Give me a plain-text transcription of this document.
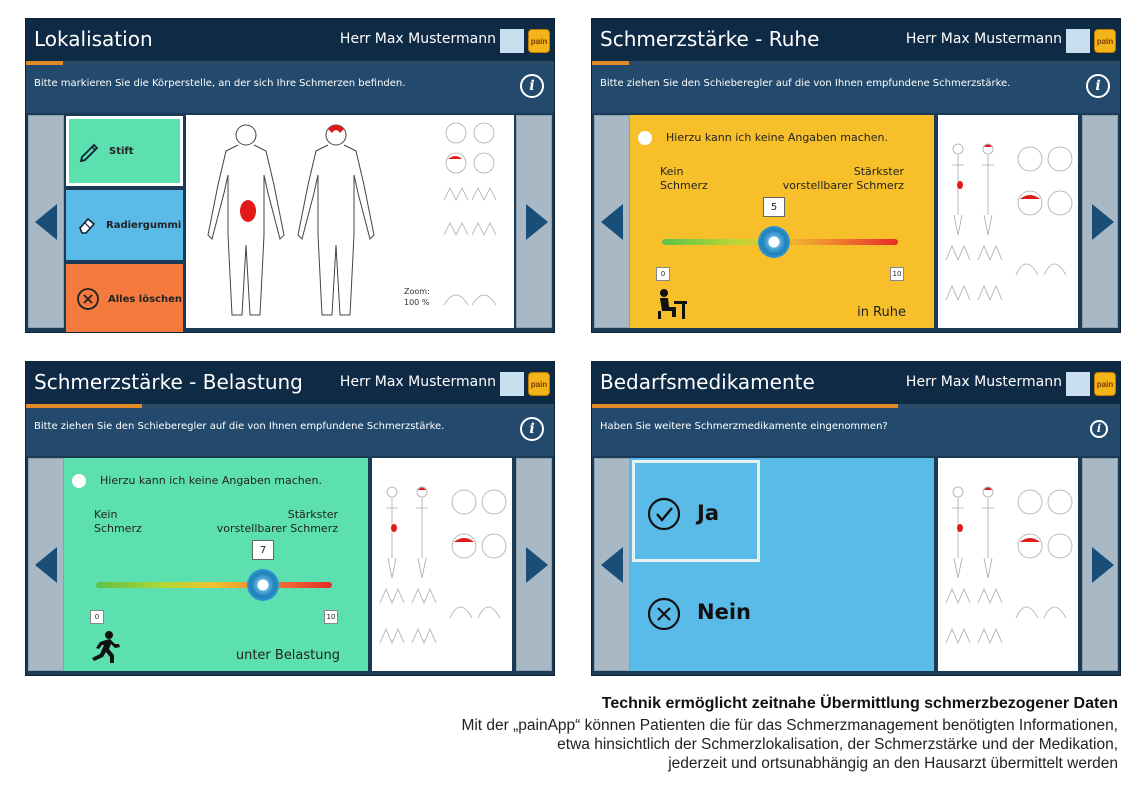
Lokalisation	Herr Max Mustermann	pain
Bitte markieren Sie die Körperstelle, an der sich Ihre Schmerzen befinden.	i
Stift
Radiergummi
Alles löschen
Zoom:
100 %
Schmerzstärke - Ruhe	Herr Max Mustermann	pain
Bitte ziehen Sie den Schieberegler auf die von Ihnen empfundene Schmerzstärke.	i
Hierzu kann ich keine Angaben machen.
Kein
Schmerz
Stärkster
vorstellbarer Schmerz
5
0	10
in Ruhe
Schmerzstärke - Belastung	Herr Max Mustermann	pain
Bitte ziehen Sie den Schieberegler auf die von Ihnen empfundene Schmerzstärke.	i
Hierzu kann ich keine Angaben machen.
Kein
Schmerz
Stärkster
vorstellbarer Schmerz
7
0	10
unter Belastung
Bedarfsmedikamente	Herr Max Mustermann	pain
Haben Sie weitere Schmerzmedikamente eingenommen?	i
Ja
Nein
Technik ermöglicht zeitnahe Übermittlung schmerzbezogener Daten
Mit der „painApp“ können Patienten die für das Schmerzmanagement benötigten Informationen,
etwa hinsichtlich der Schmerzlokalisation, der Schmerzstärke und der Medikation,
jederzeit und ortsunabhängig an den Hausarzt übermittelt werden
